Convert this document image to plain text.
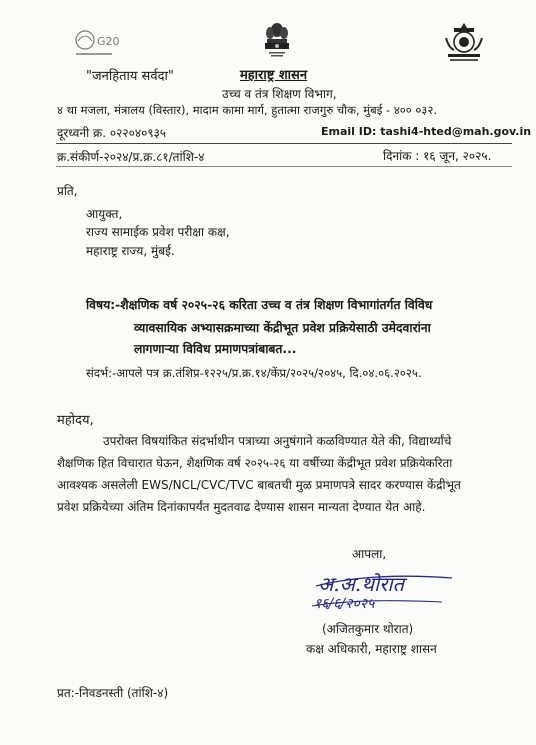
G20
"जनहिताय सर्वदा"	महाराष्ट्र शासन
उच्च व तंत्र शिक्षण विभाग,
४ था मजला, मंत्रालय (विस्तार), मादाम कामा मार्ग, हुतात्मा राजगुरु चौक, मुंबई - ४०० ०३२.
दूरध्वनी क्र. ०२२०४०९३५	Email ID: tashi4-hted@mah.gov.in
क्र.संकीर्ण-२०२४/प्र.क्र.८१/तांशि-४	दिनांक : १६ जून, २०२५.
प्रति,
आयुक्त,
राज्य सामाईक प्रवेश परीक्षा कक्ष,
महाराष्ट्र राज्य, मुंबई.
विषय:-शैक्षणिक वर्ष २०२५-२६ करिता उच्च व तंत्र शिक्षण विभागांतर्गत विविध
व्यावसायिक अभ्यासक्रमाच्या केंद्रीभूत प्रवेश प्रक्रियेसाठी उमेदवारांना
लागणाऱ्या विविध प्रमाणपत्रांबाबत...
संदर्भ:-आपले पत्र क्र.तंशिप्र-१२२५/प्र.क्र.१४/केंप्र/२०२५/२०४५, दि.०४.०६.२०२५.
महोदय,
उपरोक्त विषयांकित संदर्भाधीन पत्राच्या अनुषंगाने कळविण्यात येते की, विद्यार्थ्यांचे
शैक्षणिक हित विचारात घेऊन, शैक्षणिक वर्ष २०२५-२६ या वर्षीच्या केंद्रीभूत प्रवेश प्रक्रियेकरिता
आवश्यक असलेली EWS/NCL/CVC/TVC बाबतची मुळ प्रमाणपत्रे सादर करण्यास केंद्रीभूत
प्रवेश प्रक्रियेच्या अंतिम दिनांकापर्यंत मुदतवाढ देण्यास शासन मान्यता देण्यात येत आहे.
आपला,
अ.अ.थोरात
१६/६/२०२५
(अजितकुमार थोरात)
कक्ष अधिकारी, महाराष्ट्र शासन
प्रत:-निवडनस्ती (तांशि-४)
